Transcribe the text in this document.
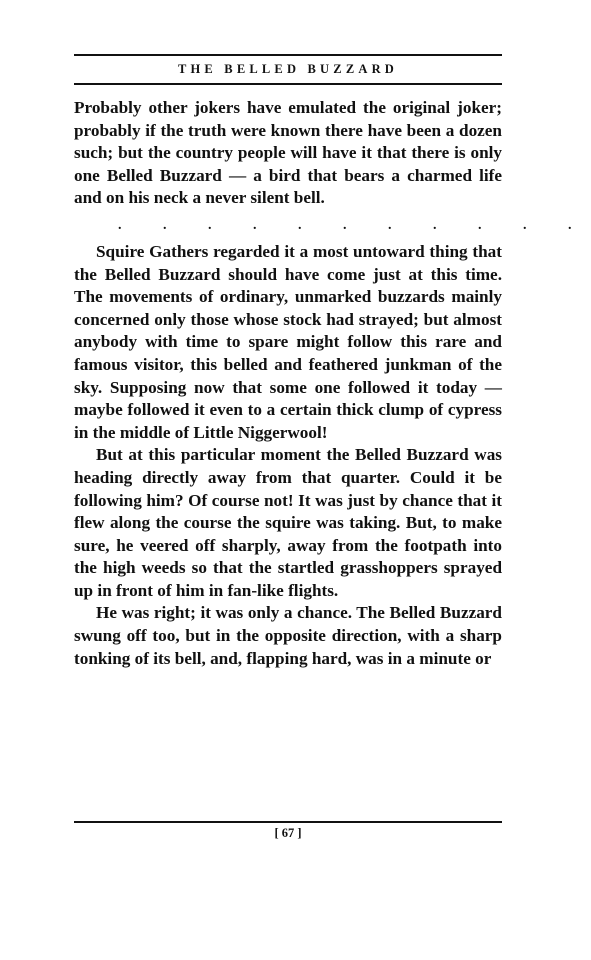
THE BELLED BUZZARD

Probably other jokers have emulated the original joker; probably if the truth were known there have been a dozen such; but the country people will have it that there is only one Belled Buzzard — a bird that bears a charmed life and on his neck a never silent bell.

. . . . . . . . . . .

Squire Gathers regarded it a most untoward thing that the Belled Buzzard should have come just at this time. The movements of ordinary, unmarked buzzards mainly concerned only those whose stock had strayed; but almost anybody with time to spare might follow this rare and famous visitor, this belled and feathered junkman of the sky. Supposing now that some one followed it today — maybe followed it even to a certain thick clump of cypress in the middle of Little Niggerwool!

But at this particular moment the Belled Buzzard was heading directly away from that quarter. Could it be following him? Of course not! It was just by chance that it flew along the course the squire was taking. But, to make sure, he veered off sharply, away from the footpath into the high weeds so that the startled grasshoppers sprayed up in front of him in fan-like flights.

He was right; it was only a chance. The Belled Buzzard swung off too, but in the opposite direction, with a sharp tonking of its bell, and, flapping hard, was in a minute or

[ 67 ]
